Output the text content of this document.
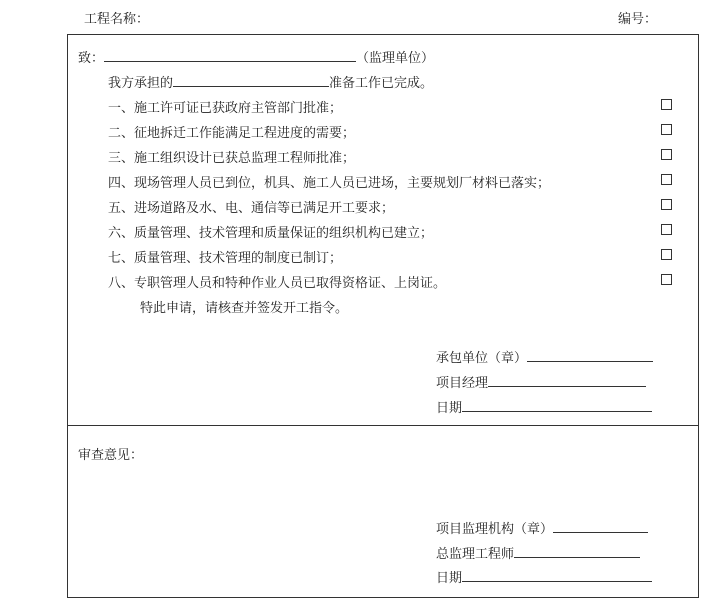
工程名称：	编号：
致：	（监理单位）
我方承担的	准备工作已完成。
一、施工许可证已获政府主管部门批准；
二、征地拆迁工作能满足工程进度的需要；
三、施工组织设计已获总监理工程师批准；
四、现场管理人员已到位，机具、施工人员已进场，主要规划厂材料已落实；
五、进场道路及水、电、通信等已满足开工要求；
六、质量管理、技术管理和质量保证的组织机构已建立；
七、质量管理、技术管理的制度已制订；
八、专职管理人员和特种作业人员已取得资格证、上岗证。
特此申请，请核查并签发开工指令。
承包单位（章）
项目经理
日期
审查意见：
项目监理机构（章）
总监理工程师
日期
